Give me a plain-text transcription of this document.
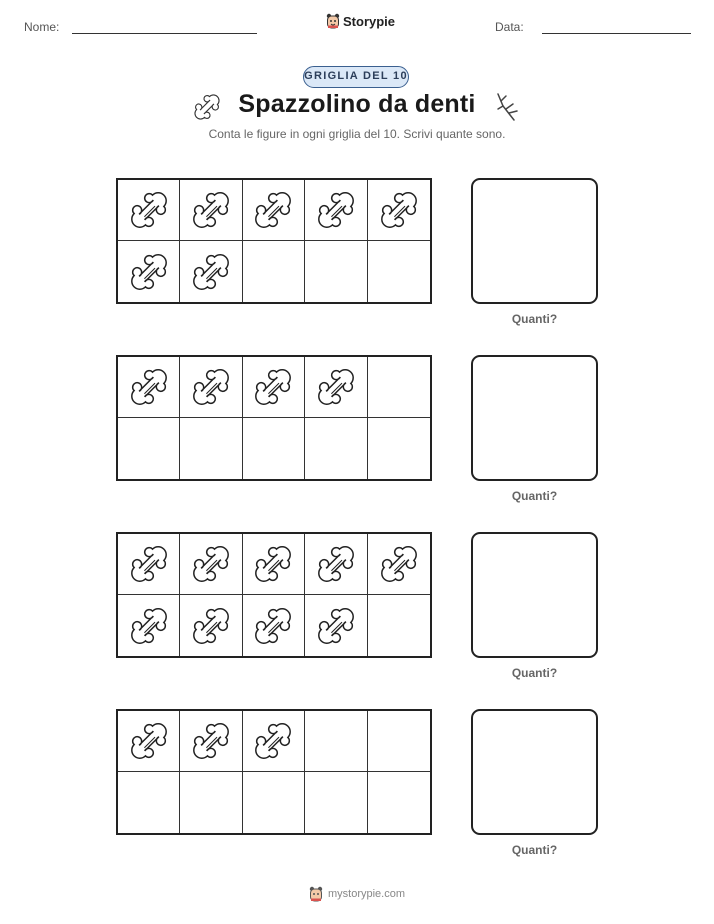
Nome:	Storypie	Data:
GRIGLIA DEL 10
Spazzolino da denti
Conta le figure in ogni griglia del 10. Scrivi quante sono.
Quanti?
Quanti?
Quanti?
Quanti?
mystorypie.com
